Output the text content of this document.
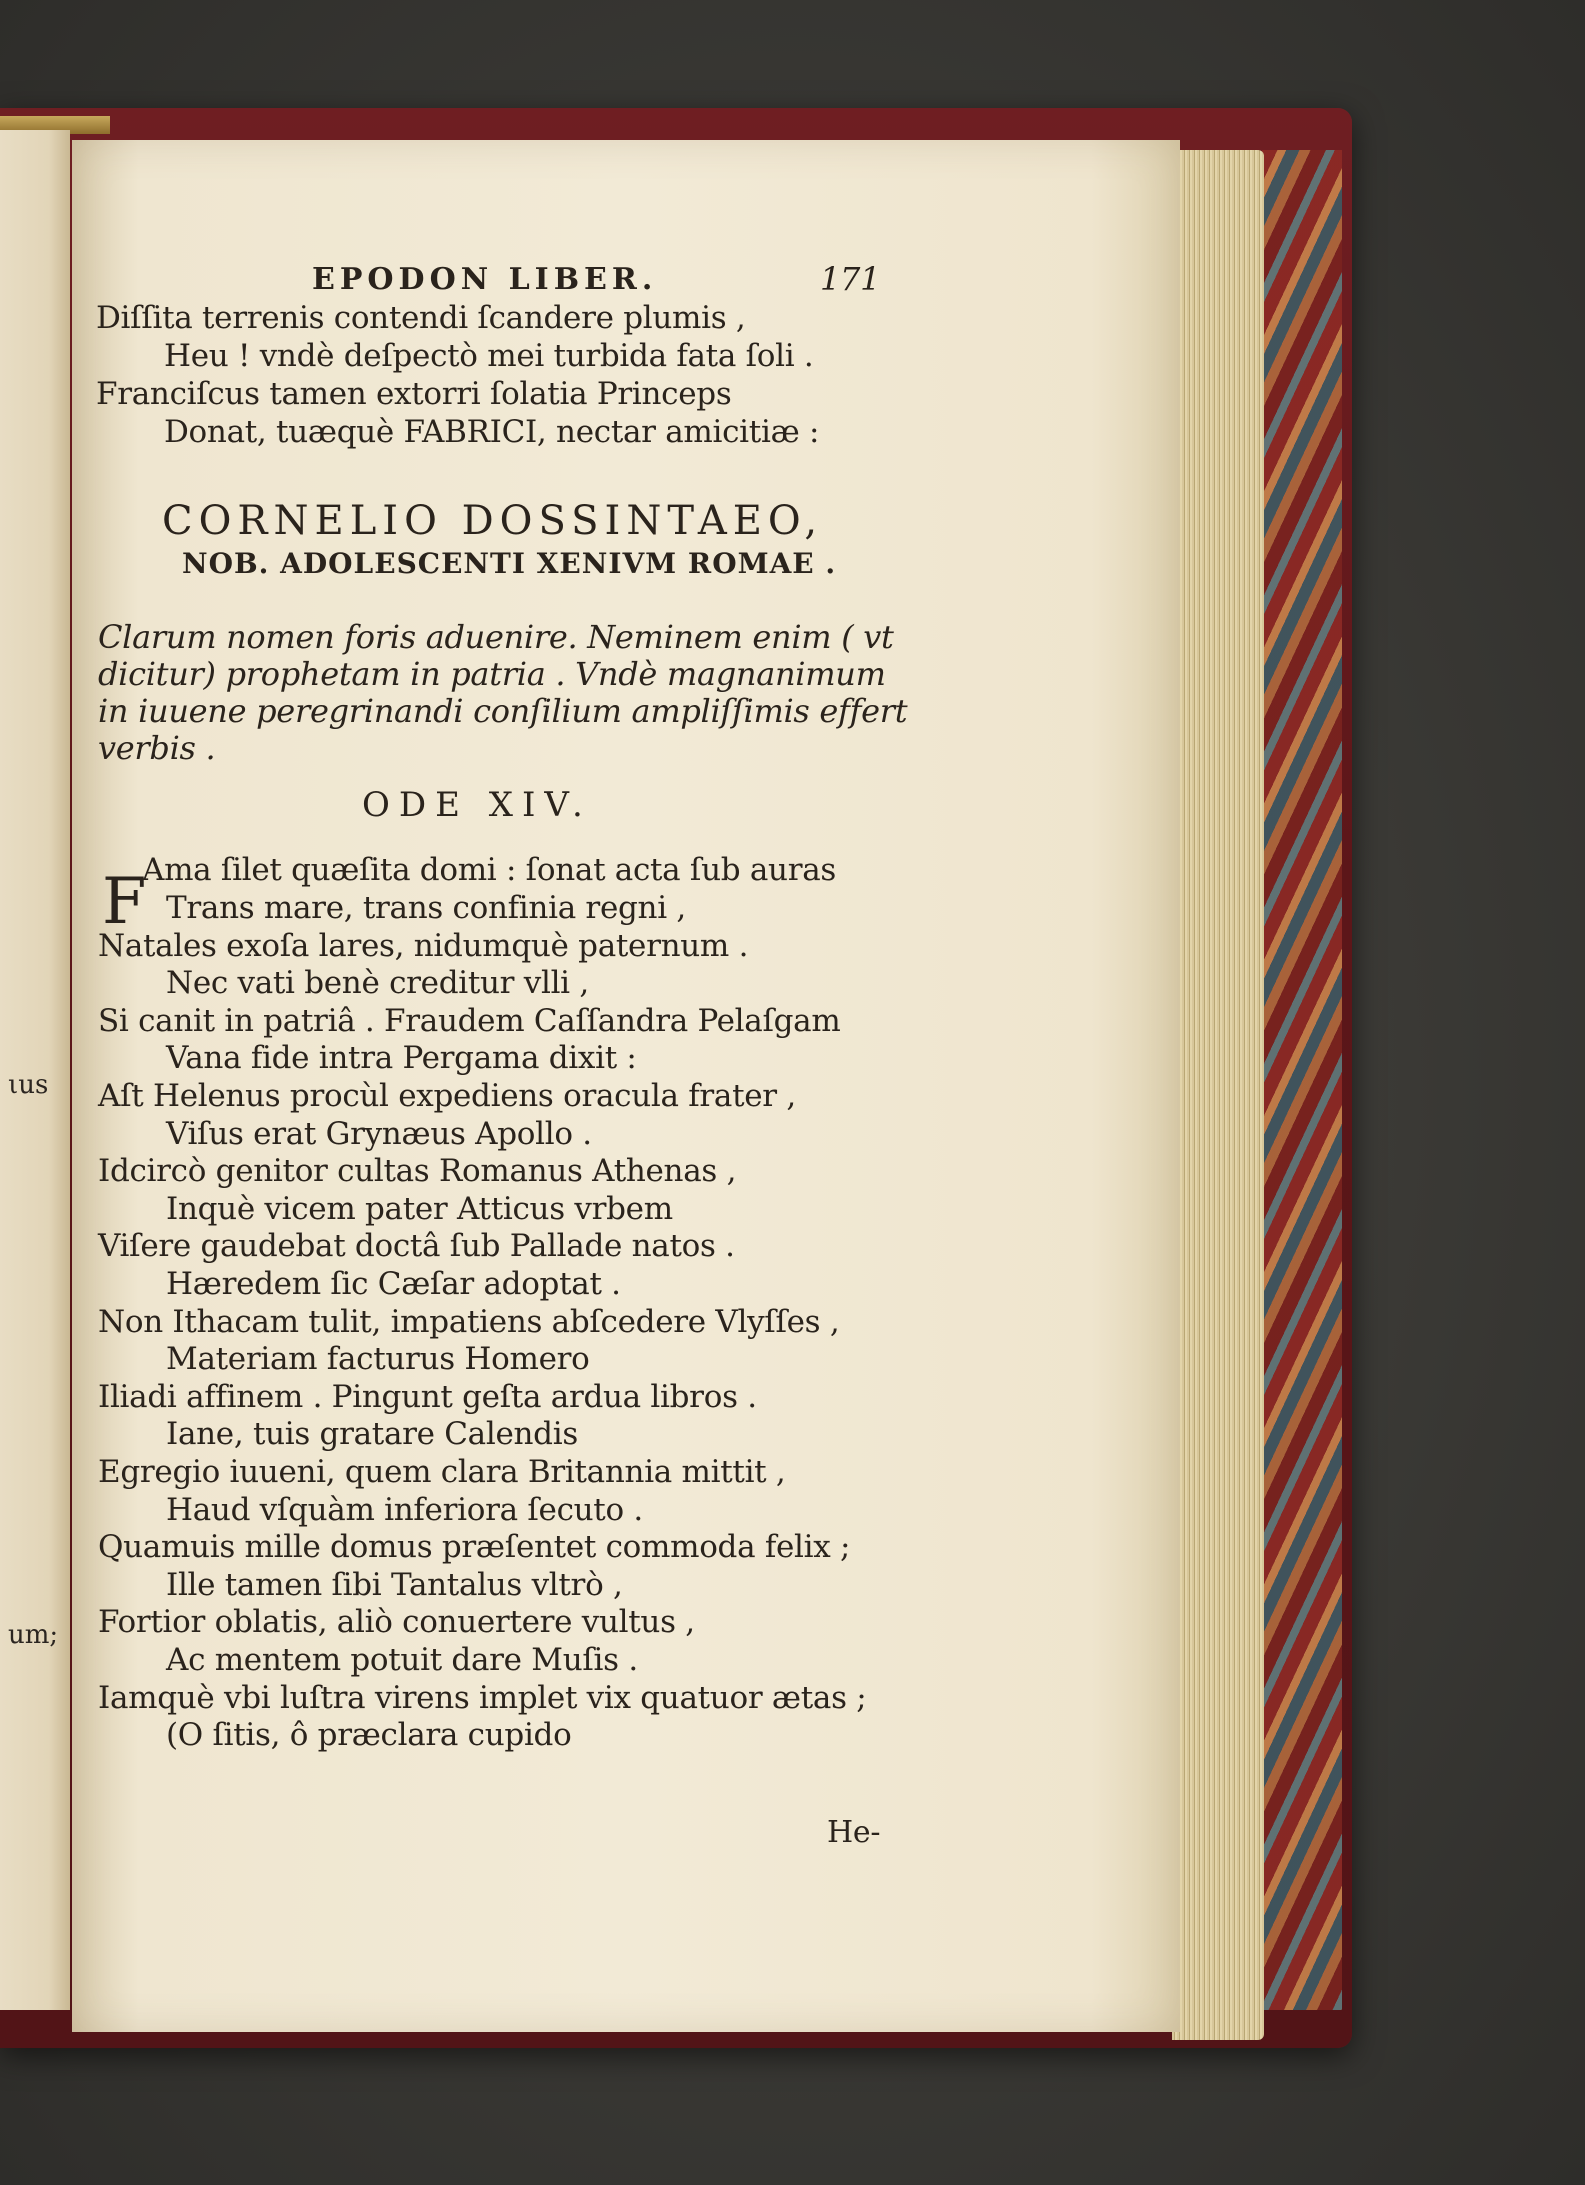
ιus
um;
EPODON LIBER.	171
Diſſita terrenis contendi ſcandere plumis ,
Heu ! vndè deſpectò mei turbida fata ſoli .
Franciſcus tamen extorri ſolatia Princeps
Donat, tuæquè FABRICI, nectar amicitiæ :
CORNELIO DOSSINTAEO,
NOB. ADOLESCENTI XENIVM ROMAE .
Clarum nomen foris aduenire. Neminem enim ( vt
dicitur) prophetam in patria . Vndè magnanimum
in iuuene peregrinandi conſilium ampliſſimis effert
verbis .
ODE XIV.
F
Ama ſilet quæſita domi : ſonat acta ſub auras
Trans mare, trans confinia regni ,
Natales exoſa lares, nidumquè paternum .
Nec vati benè creditur vlli ,
Si canit in patriâ . Fraudem Caſſandra Pelaſgam
Vana fide intra Pergama dixit :
Aſt Helenus procùl expediens oracula frater ,
Viſus erat Grynæus Apollo .
Idcircò genitor cultas Romanus Athenas ,
Inquè vicem pater Atticus vrbem
Viſere gaudebat doctâ ſub Pallade natos .
Hæredem ſic Cæſar adoptat .
Non Ithacam tulit, impatiens abſcedere Vlyſſes ,
Materiam facturus Homero
Iliadi affinem . Pingunt geſta ardua libros .
Iane, tuis gratare Calendis
Egregio iuueni, quem clara Britannia mittit ,
Haud vſquàm inferiora ſecuto .
Quamuis mille domus præſentet commoda felix ;
Ille tamen ſibi Tantalus vltrò ,
Fortior oblatis, aliò conuertere vultus ,
Ac mentem potuit dare Muſis .
Iamquè vbi luſtra virens implet vix quatuor ætas ;
(O ſitis, ô præclara cupido
He-
